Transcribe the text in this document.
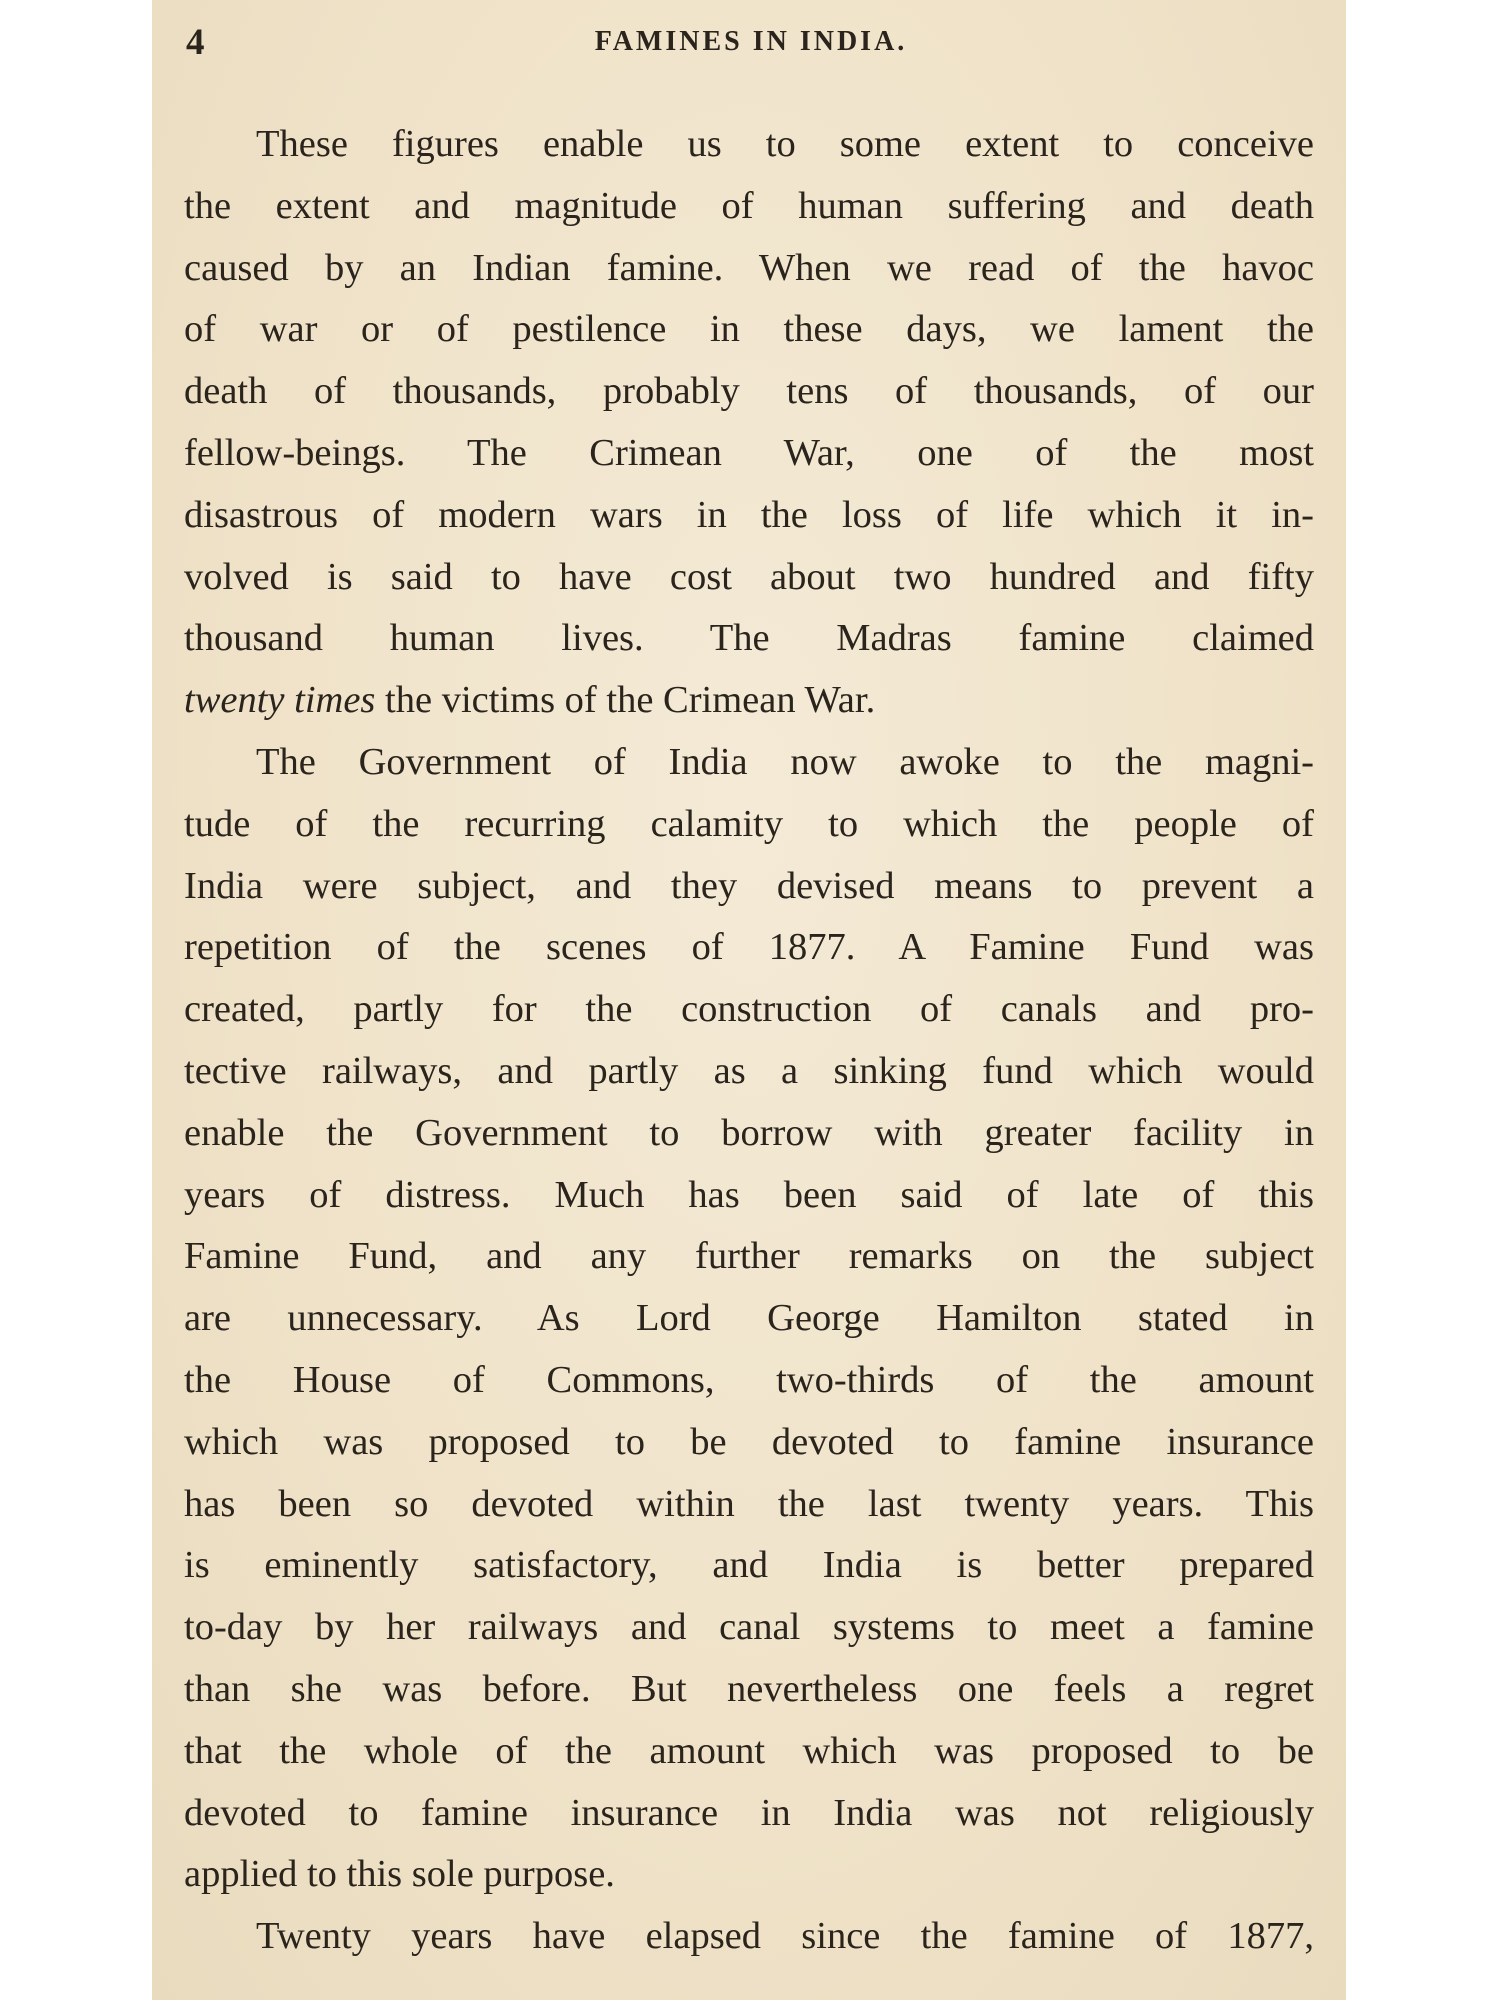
4	FAMINES IN INDIA.
These figures enable us to some extent to conceive
the extent and magnitude of human suffering and death
caused by an Indian famine. When we read of the havoc
of war or of pestilence in these days, we lament the
death of thousands, probably tens of thousands, of our
fellow-beings. The Crimean War, one of the most
disastrous of modern wars in the loss of life which it in-
volved is said to have cost about two hundred and fifty
thousand human lives. The Madras famine claimed
twenty times the victims of the Crimean War.
The Government of India now awoke to the magni-
tude of the recurring calamity to which the people of
India were subject, and they devised means to prevent a
repetition of the scenes of 1877. A Famine Fund was
created, partly for the construction of canals and pro-
tective railways, and partly as a sinking fund which would
enable the Government to borrow with greater facility in
years of distress. Much has been said of late of this
Famine Fund, and any further remarks on the subject
are unnecessary. As Lord George Hamilton stated in
the House of Commons, two-thirds of the amount
which was proposed to be devoted to famine insurance
has been so devoted within the last twenty years. This
is eminently satisfactory, and India is better prepared
to-day by her railways and canal systems to meet a famine
than she was before. But nevertheless one feels a regret
that the whole of the amount which was proposed to be
devoted to famine insurance in India was not religiously
applied to this sole purpose.
Twenty years have elapsed since the famine of 1877,
